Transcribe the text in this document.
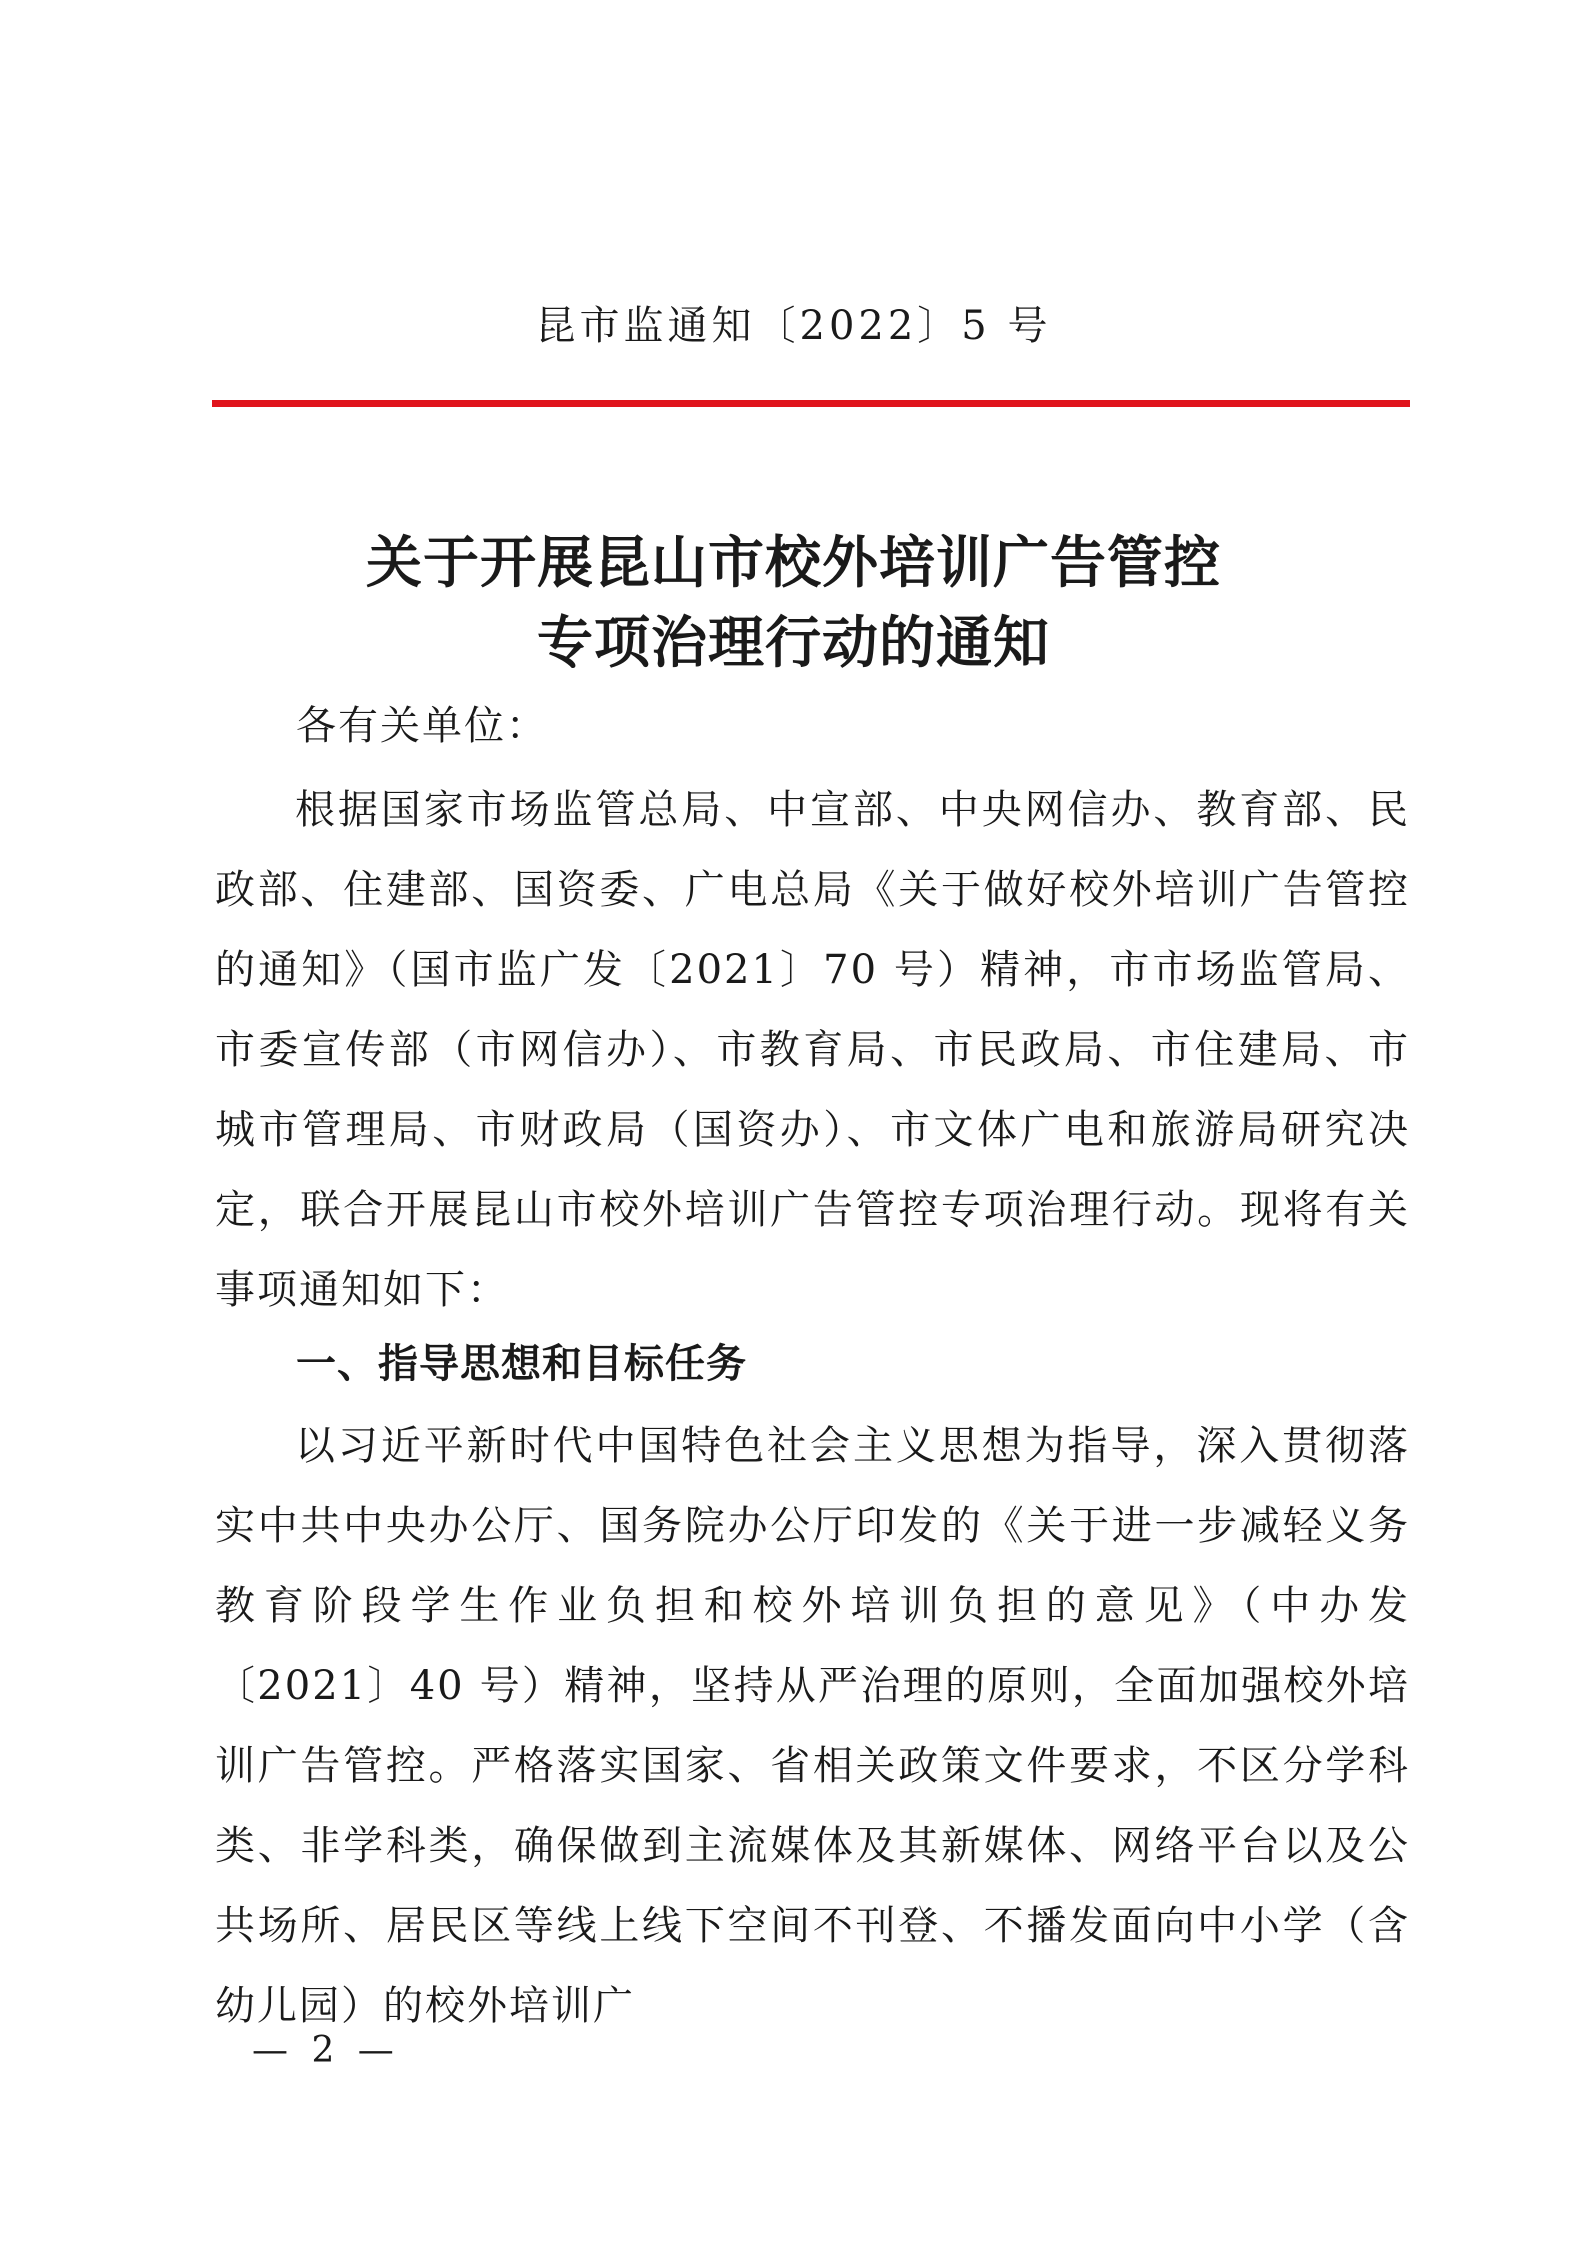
昆市监通知〔2022〕5 号
关于开展昆山市校外培训广告管控
专项治理行动的通知
各有关单位：
根据国家市场监管总局、中宣部、中央网信办、教育部、民政部、住建部、国资委、广电总局《关于做好校外培训广告管控的通知》（国市监广发〔2021〕70 号）精神，市市场监管局、市委宣传部（市网信办）、市教育局、市民政局、市住建局、市城市管理局、市财政局（国资办）、市文体广电和旅游局研究决定，联合开展昆山市校外培训广告管控专项治理行动。现将有关事项通知如下：
一、指导思想和目标任务
以习近平新时代中国特色社会主义思想为指导，深入贯彻落实中共中央办公厅、国务院办公厅印发的《关于进一步减轻义务教育阶段学生作业负担和校外培训负担的意见》（中办发〔2021〕40 号）精神，坚持从严治理的原则，全面加强校外培训广告管控。严格落实国家、省相关政策文件要求，不区分学科类、非学科类，确保做到主流媒体及其新媒体、网络平台以及公共场所、居民区等线上线下空间不刊登、不播发面向中小学（含幼儿园）的校外培训广
— 2 —
